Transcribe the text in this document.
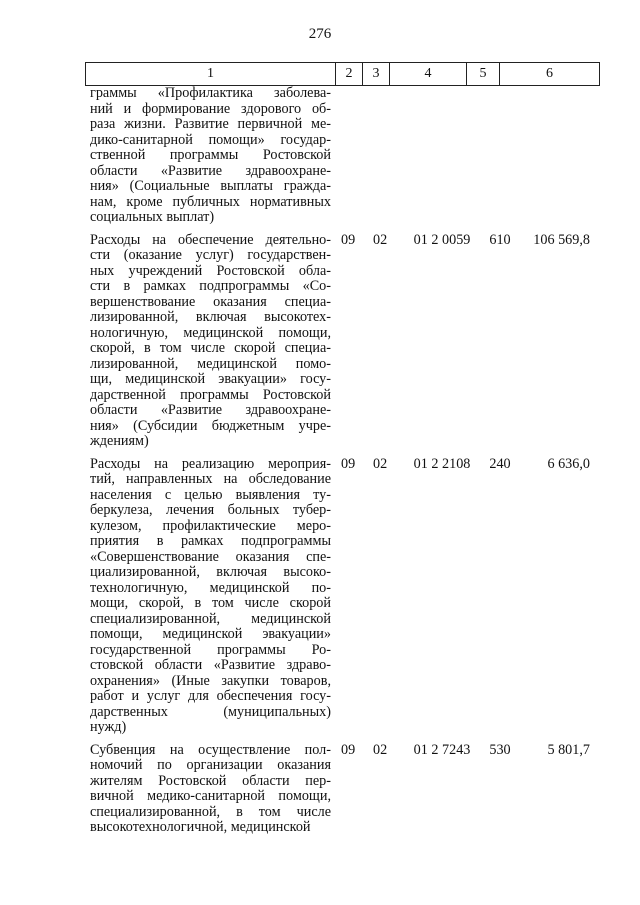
276
1	2	3	4	5	6
граммы «Профилактика заболева-
ний и формирование здорового об-
раза жизни. Развитие первичной ме-
дико-санитарной помощи» государ-
ственной программы Ростовской
области «Развитие здравоохране-
ния» (Социальные выплаты гражда-
нам, кроме публичных нормативных
социальных выплат)
Расходы на обеспечение деятельно-
сти (оказание услуг) государствен-
ных учреждений Ростовской обла-
сти в рамках подпрограммы «Со-
вершенствование оказания специа-
лизированной, включая высокотех-
нологичную, медицинской помощи,
скорой, в том числе скорой специа-
лизированной, медицинской помо-
щи, медицинской эвакуации» госу-
дарственной программы Ростовской
области «Развитие здравоохране-
ния» (Субсидии бюджетным учре-
ждениям)
09 02	01 2 0059	610	106 569,8
Расходы на реализацию мероприя-
тий, направленных на обследование
населения с целью выявления ту-
беркулеза, лечения больных тубер-
кулезом, профилактические меро-
приятия в рамках подпрограммы
«Совершенствование оказания спе-
циализированной, включая высоко-
технологичную, медицинской по-
мощи, скорой, в том числе скорой
специализированной, медицинской
помощи, медицинской эвакуации»
государственной программы Ро-
стовской области «Развитие здраво-
охранения» (Иные закупки товаров,
работ и услуг для обеспечения госу-
дарственных (муниципальных)
нужд)
09 02	01 2 2108	240	6 636,0
Субвенция на осуществление пол-
номочий по организации оказания
жителям Ростовской области пер-
вичной медико-санитарной помощи,
специализированной, в том числе
высокотехнологичной, медицинской
09 02	01 2 7243	530	5 801,7
